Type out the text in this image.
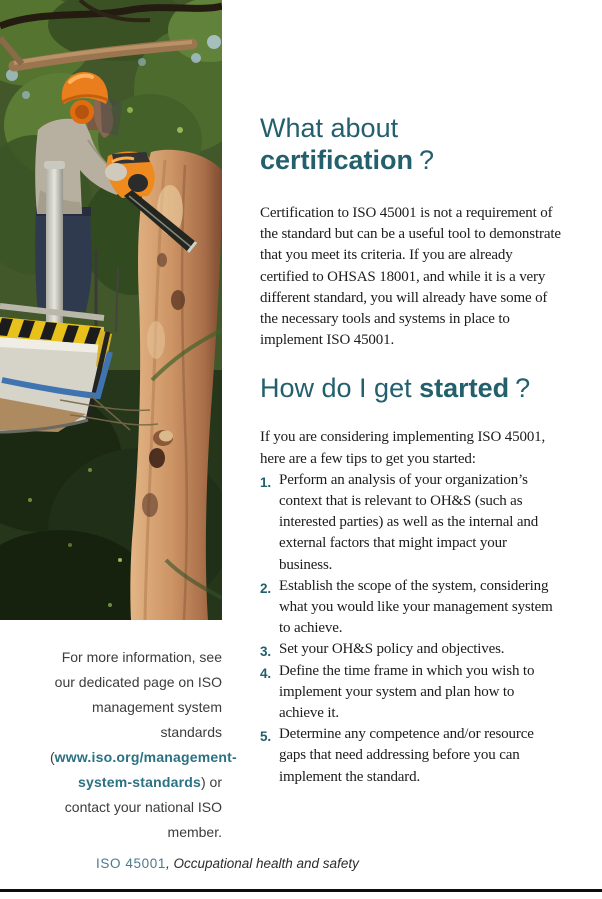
For more information, see our dedicated page on ISO management system standards (www.iso.org/management-system-standards) or contact your national ISO member.
What about
certification ?

Certification to ISO 45001 is not a requirement of the standard but can be a useful tool to demonstrate that you meet its criteria. If you are already certified to OHSAS 18001, and while it is a very different standard, you will already have some of the necessary tools and systems in place to implement ISO 45001.

How do I get started ?

If you are considering implementing ISO 45001, here are a few tips to get you started:

1. Perform an analysis of your organization’s context that is relevant to OH&S (such as interested parties) as well as the internal and external factors that might impact your business.
2. Establish the scope of the system, considering what you would like your management system to achieve.
3. Set your OH&S policy and objectives.
4. Define the time frame in which you wish to implement your system and plan how to achieve it.
5. Determine any competence and/or resource gaps that need addressing before you can implement the standard.
ISO 45001, Occupational health and safety
